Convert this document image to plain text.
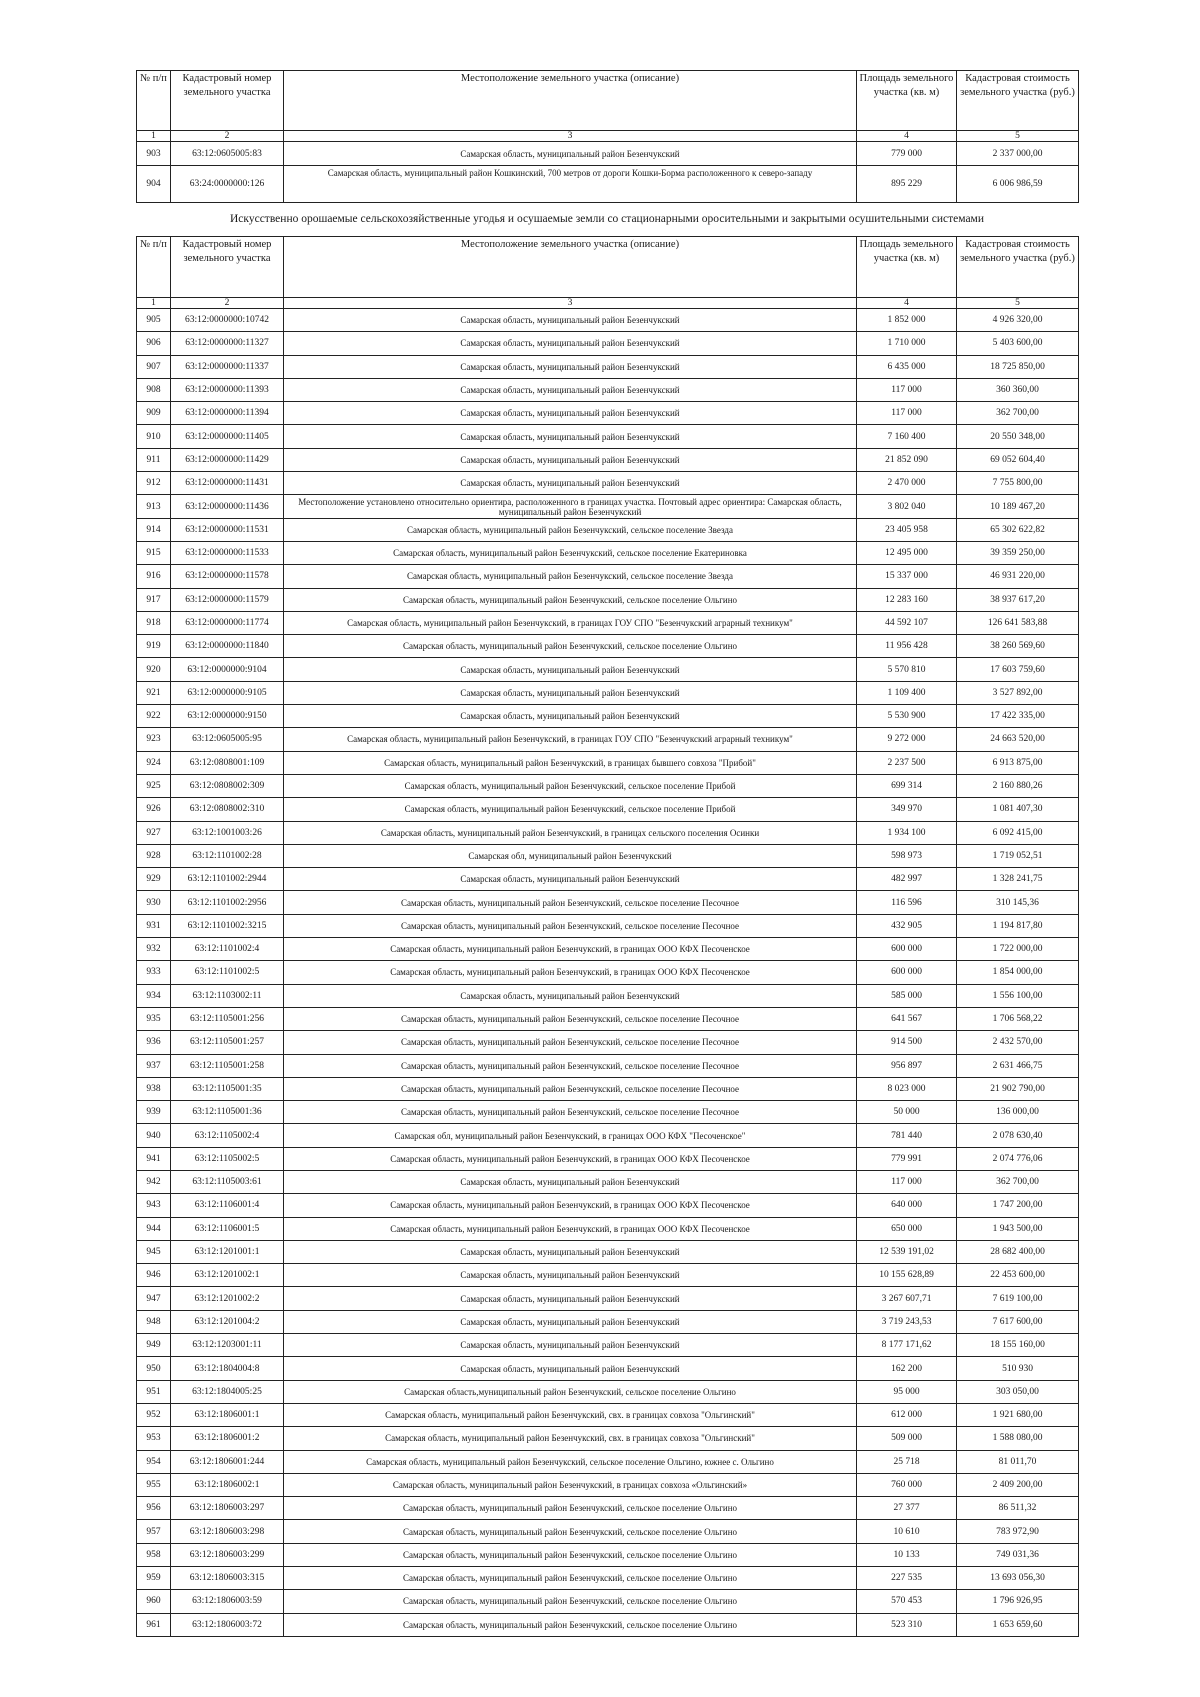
№ п/п	Кадастровый номер земельного участка	Местоположение земельного участка (описание)	Площадь земельного участка (кв. м)	Кадастровая стоимость земельного участка (руб.)
1	2	3	4	5
903	63:12:0605005:83	Самарская область, муниципальный район Безенчукский	779 000	2 337 000,00
904	63:24:0000000:126	Самарская область, муниципальный район Кошкинский, 700 метров от дороги Кошки-Борма расположенного к северо-западу	895 229	6 006 986,59
Искусственно орошаемые сельскохозяйственные угодья и осушаемые земли со стационарными оросительными и закрытыми осушительными системами
№ п/п	Кадастровый номер земельного участка	Местоположение земельного участка (описание)	Площадь земельного участка (кв. м)	Кадастровая стоимость земельного участка (руб.)
1	2	3	4	5
905	63:12:0000000:10742	Самарская область, муниципальный район Безенчукский	1 852 000	4 926 320,00
906	63:12:0000000:11327	Самарская область, муниципальный район Безенчукский	1 710 000	5 403 600,00
907	63:12:0000000:11337	Самарская область, муниципальный район Безенчукский	6 435 000	18 725 850,00
908	63:12:0000000:11393	Самарская область, муниципальный район Безенчукский	117 000	360 360,00
909	63:12:0000000:11394	Самарская область, муниципальный район Безенчукский	117 000	362 700,00
910	63:12:0000000:11405	Самарская область, муниципальный район Безенчукский	7 160 400	20 550 348,00
911	63:12:0000000:11429	Самарская область, муниципальный район Безенчукский	21 852 090	69 052 604,40
912	63:12:0000000:11431	Самарская область, муниципальный район Безенчукский	2 470 000	7 755 800,00
913	63:12:0000000:11436	Местоположение установлено относительно ориентира, расположенного в границах участка. Почтовый адрес ориентира: Самарская область, муниципальный район Безенчукский	3 802 040	10 189 467,20
914	63:12:0000000:11531	Самарская область, муниципальный район Безенчукский, сельское поселение Звезда	23 405 958	65 302 622,82
915	63:12:0000000:11533	Самарская область, муниципальный район Безенчукский, сельское поселение Екатериновка	12 495 000	39 359 250,00
916	63:12:0000000:11578	Самарская область, муниципальный район Безенчукский, сельское поселение Звезда	15 337 000	46 931 220,00
917	63:12:0000000:11579	Самарская область, муниципальный район Безенчукский, сельское поселение Ольгино	12 283 160	38 937 617,20
918	63:12:0000000:11774	Самарская область, муниципальный район Безенчукский, в границах ГОУ СПО "Безенчукский аграрный техникум"	44 592 107	126 641 583,88
919	63:12:0000000:11840	Самарская область, муниципальный район Безенчукский, сельское поселение Ольгино	11 956 428	38 260 569,60
920	63:12:0000000:9104	Самарская область, муниципальный район Безенчукский	5 570 810	17 603 759,60
921	63:12:0000000:9105	Самарская область, муниципальный район Безенчукский	1 109 400	3 527 892,00
922	63:12:0000000:9150	Самарская область, муниципальный район Безенчукский	5 530 900	17 422 335,00
923	63:12:0605005:95	Самарская область, муниципальный район Безенчукский, в границах ГОУ СПО "Безенчукский аграрный техникум"	9 272 000	24 663 520,00
924	63:12:0808001:109	Самарская область, муниципальный район Безенчукский, в границах бывшего совхоза "Прибой"	2 237 500	6 913 875,00
925	63:12:0808002:309	Самарская область, муниципальный район Безенчукский, сельское поселение Прибой	699 314	2 160 880,26
926	63:12:0808002:310	Самарская область, муниципальный район Безенчукский, сельское поселение Прибой	349 970	1 081 407,30
927	63:12:1001003:26	Самарская область, муниципальный район Безенчукский, в границах сельского поселения Осинки	1 934 100	6 092 415,00
928	63:12:1101002:28	Самарская обл, муниципальный район Безенчукский	598 973	1 719 052,51
929	63:12:1101002:2944	Самарская область, муниципальный район Безенчукский	482 997	1 328 241,75
930	63:12:1101002:2956	Самарская область, муниципальный район Безенчукский, сельское поселение Песочное	116 596	310 145,36
931	63:12:1101002:3215	Самарская область, муниципальный район Безенчукский, сельское поселение Песочное	432 905	1 194 817,80
932	63:12:1101002:4	Самарская область, муниципальный район Безенчукский, в границах ООО КФХ Песоченское	600 000	1 722 000,00
933	63:12:1101002:5	Самарская область, муниципальный район Безенчукский, в границах ООО КФХ Песоченское	600 000	1 854 000,00
934	63:12:1103002:11	Самарская область, муниципальный район Безенчукский	585 000	1 556 100,00
935	63:12:1105001:256	Самарская область, муниципальный район Безенчукский, сельское поселение Песочное	641 567	1 706 568,22
936	63:12:1105001:257	Самарская область, муниципальный район Безенчукский, сельское поселение Песочное	914 500	2 432 570,00
937	63:12:1105001:258	Самарская область, муниципальный район Безенчукский, сельское поселение Песочное	956 897	2 631 466,75
938	63:12:1105001:35	Самарская область, муниципальный район Безенчукский, сельское поселение Песочное	8 023 000	21 902 790,00
939	63:12:1105001:36	Самарская область, муниципальный район Безенчукский, сельское поселение Песочное	50 000	136 000,00
940	63:12:1105002:4	Самарская обл, муниципальный район Безенчукский, в границах ООО КФХ "Песоченское"	781 440	2 078 630,40
941	63:12:1105002:5	Самарская область, муниципальный район Безенчукский, в границах ООО КФХ Песоченское	779 991	2 074 776,06
942	63:12:1105003:61	Самарская область, муниципальный район Безенчукский	117 000	362 700,00
943	63:12:1106001:4	Самарская область, муниципальный район Безенчукский, в границах ООО КФХ Песоченское	640 000	1 747 200,00
944	63:12:1106001:5	Самарская область, муниципальный район Безенчукский, в границах ООО КФХ Песоченское	650 000	1 943 500,00
945	63:12:1201001:1	Самарская область, муниципальный район Безенчукский	12 539 191,02	28 682 400,00
946	63:12:1201002:1	Самарская область, муниципальный район Безенчукский	10 155 628,89	22 453 600,00
947	63:12:1201002:2	Самарская область, муниципальный район Безенчукский	3 267 607,71	7 619 100,00
948	63:12:1201004:2	Самарская область, муниципальный район Безенчукский	3 719 243,53	7 617 600,00
949	63:12:1203001:11	Самарская область, муниципальный район Безенчукский	8 177 171,62	18 155 160,00
950	63:12:1804004:8	Самарская область, муниципальный район Безенчукский	162 200	510 930
951	63:12:1804005:25	Самарская область,муниципальный район Безенчукский, сельское поселение Ольгино	95 000	303 050,00
952	63:12:1806001:1	Самарская область, муниципальный район Безенчукский, свх. в границах совхоза "Ольгинский"	612 000	1 921 680,00
953	63:12:1806001:2	Самарская область, муниципальный район Безенчукский, свх. в границах совхоза "Ольгинский"	509 000	1 588 080,00
954	63:12:1806001:244	Самарская область, муниципальный район Безенчукский, сельское поселение Ольгино, южнее с. Ольгино	25 718	81 011,70
955	63:12:1806002:1	Самарская область, муниципальный район Безенчукский, в границах совхоза «Ольгинский»	760 000	2 409 200,00
956	63:12:1806003:297	Самарская область, муниципальный район Безенчукский, сельское поселение Ольгино	27 377	86 511,32
957	63:12:1806003:298	Самарская область, муниципальный район Безенчукский, сельское поселение Ольгино	10 610	783 972,90
958	63:12:1806003:299	Самарская область, муниципальный район Безенчукский, сельское поселение Ольгино	10 133	749 031,36
959	63:12:1806003:315	Самарская область, муниципальный район Безенчукский, сельское поселение Ольгино	227 535	13 693 056,30
960	63:12:1806003:59	Самарская область, муниципальный район Безенчукский, сельское поселение Ольгино	570 453	1 796 926,95
961	63:12:1806003:72	Самарская область, муниципальный район Безенчукский, сельское поселение Ольгино	523 310	1 653 659,60
